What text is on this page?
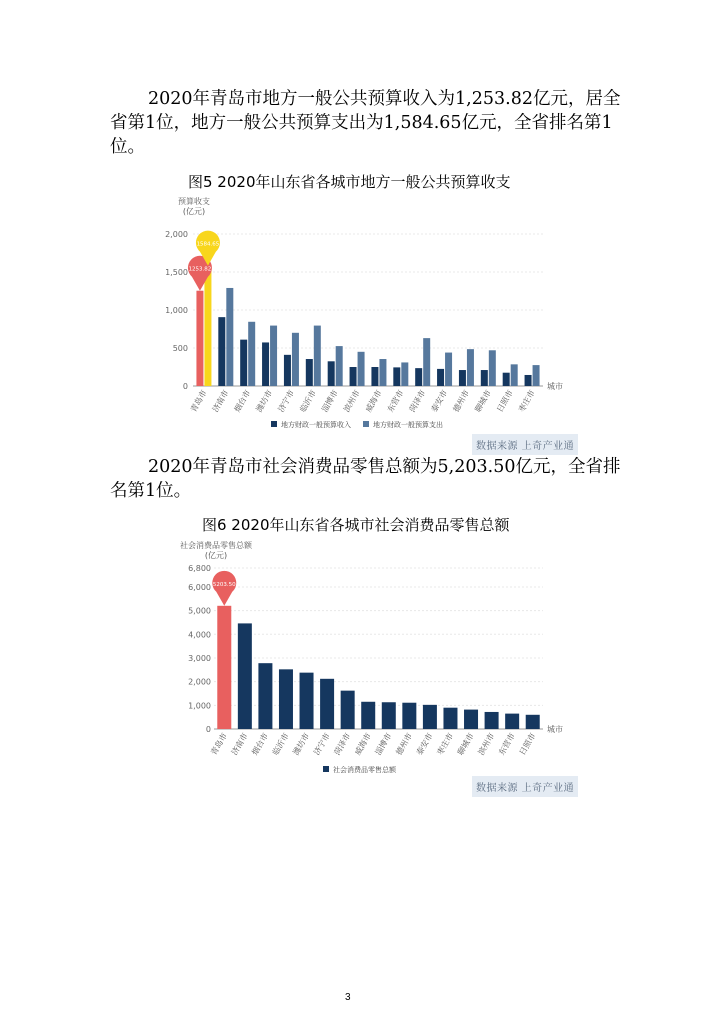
2020年青岛市地方一般公共预算收入为1,253.82亿元，居全省第1位，地方一般公共预算支出为1,584.65亿元，全省排名第1位。

图5 2020年山东省各城市地方一般公共预算收支
预算收支
(亿元)
0
500
1,000
1,500
2,000
城市
青岛市 济南市 烟台市 潍坊市 济宁市 临沂市 淄博市 滨州市 威海市 东营市 菏泽市 泰安市 德州市 聊城市 日照市 枣庄市
1253.82
1584.65
地方财政一般预算收入	地方财政一般预算支出
数据来源 上奇产业通

2020年青岛市社会消费品零售总额为5,203.50亿元，全省排名第1位。

图6 2020年山东省各城市社会消费品零售总额
社会消费品零售总额
(亿元)
0
1,000
2,000
3,000
4,000
5,000
6,000
6,800
城市
青岛市 济南市 烟台市 临沂市 潍坊市 济宁市 菏泽市 威海市 淄博市 德州市 泰安市 枣庄市 聊城市 滨州市 东营市 日照市
5203.50
社会消费品零售总额
数据来源 上奇产业通
3
